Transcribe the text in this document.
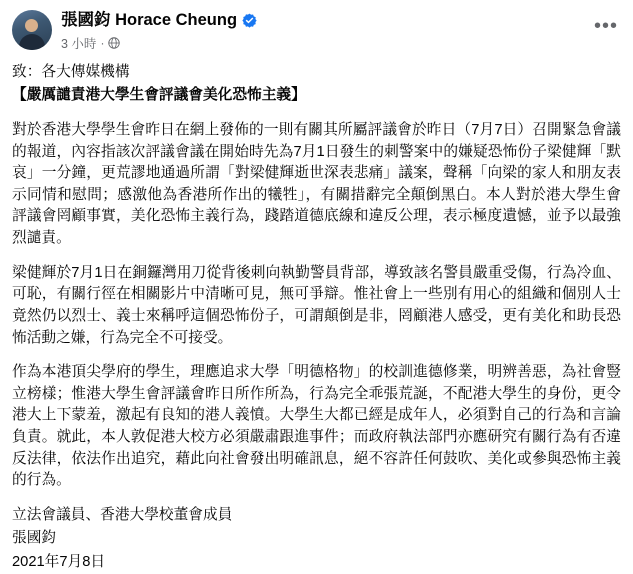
張國鈞 Horace Cheung
3 小時 ·
•••

致：各大傳媒機構

【嚴厲譴責港大學生會評議會美化恐怖主義】

對於香港大學學生會昨日在網上發佈的一則有關其所屬評議會於昨日（7月7日）召開緊急會議的報道，內容指該次評議會議在開始時先為7月1日發生的刺警案中的嫌疑恐怖份子梁健輝「默哀」一分鐘，更荒謬地通過所謂「對梁健輝逝世深表悲痛」議案，聲稱「向梁的家人和朋友表示同情和慰問；感激他為香港所作出的犧牲」，有關措辭完全顛倒黑白。本人對於港大學生會評議會罔顧事實，美化恐怖主義行為，踐踏道德底線和違反公理，表示極度遺憾，並予以最強烈譴責。

梁健輝於7月1日在銅鑼灣用刀從背後刺向執勤警員背部，導致該名警員嚴重受傷，行為冷血、可恥，有關行徑在相關影片中清晰可見，無可爭辯。惟社會上一些別有用心的組織和個別人士竟然仍以烈士、義士來稱呼這個恐怖份子，可謂顛倒是非，罔顧港人感受，更有美化和助長恐怖活動之嫌，行為完全不可接受。

作為本港頂尖學府的學生，理應追求大學「明德格物」的校訓進德修業，明辨善惡，為社會豎立榜樣；惟港大學生會評議會昨日所作所為，行為完全乖張荒誕，不配港大學生的身份，更令港大上下蒙羞，激起有良知的港人義憤。大學生大都已經是成年人，必須對自己的行為和言論負責。就此，本人敦促港大校方必須嚴肅跟進事件；而政府執法部門亦應研究有關行為有否違反法律，依法作出追究，藉此向社會發出明確訊息，絕不容許任何鼓吹、美化或參與恐怖主義的行為。

立法會議員、香港大學校董會成員

張國鈞

2021年7月8日
